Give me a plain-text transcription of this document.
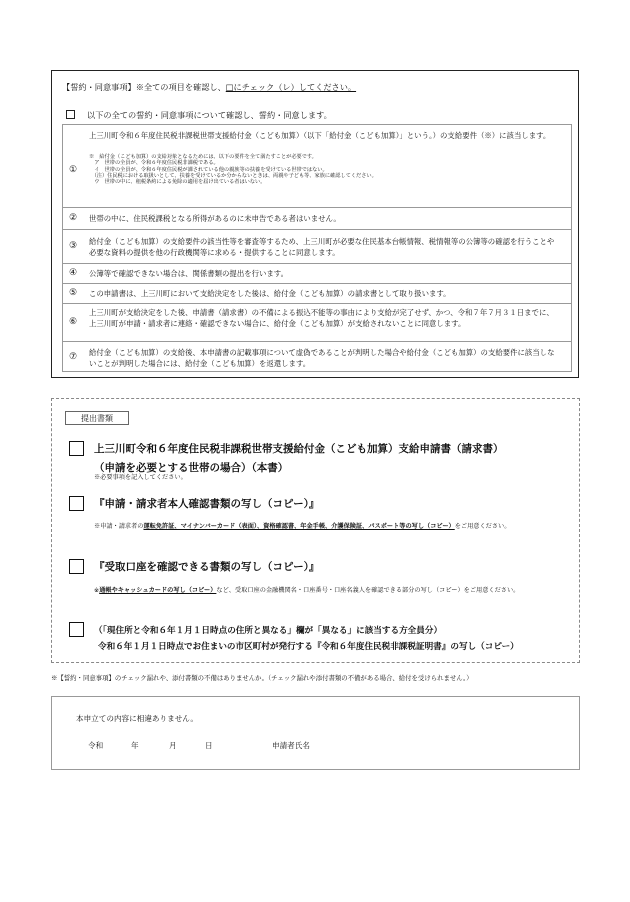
【誓約・同意事項】※全ての項目を確認し、□にチェック（レ）してください。
以下の全ての誓約・同意事項について確認し、誓約・同意します。
①
上三川町令和６年度住民税非課税世帯支援給付金（こども加算）（以下「給付金（こども加算）」という。）の支給要件（※）に該当します。
※　給付金（こども加算）の支給対象となるためには、以下の要件を全て満たすことが必要です。
　ア　世帯の全員が、令和６年度住民税非課税である。
　イ　世帯の全員が、令和６年度住民税が課されている他の親族等の扶養を受けている世帯ではない。
　（注）住民税における取扱いとして、扶養を受けているか分からないときは、両親や子ども等、家族に確認してください。
　ウ　世帯の中に、租税条約による免除の適用を届け出ている者はいない。
② 世帯の中に、住民税課税となる所得があるのに未申告である者はいません。
③ 給付金（こども加算）の支給要件の該当性等を審査等するため、上三川町が必要な住民基本台帳情報、税情報等の公簿等の確認を行うことや必要な資料の提供を他の行政機関等に求める・提供することに同意します。
④ 公簿等で確認できない場合は、関係書類の提出を行います。
⑤ この申請書は、上三川町において支給決定をした後は、給付金（こども加算）の請求書として取り扱います。
⑥
上三川町が支給決定をした後、申請書（請求書）の不備による振込不能等の事由により支給が完了せず、かつ、令和７年７月３１日までに、上三川町が申請・請求者に連絡・確認できない場合に、給付金（こども加算）が支給されないことに同意します。
⑦ 給付金（こども加算）の支給後、本申請書の記載事項について虚偽であることが判明した場合や給付金（こども加算）の支給要件に該当しないことが判明した場合には、給付金（こども加算）を返還します。
提出書類
上三川町令和６年度住民税非課税世帯支援給付金（こども加算）支給申請書（請求書）
（申請を必要とする世帯の場合）（本書）
※必要事項を記入してください。
『申請・請求者本人確認書類の写し（コピー）』
※申請・請求者の運転免許証、マイナンバーカード（表面）、資格確認書、年金手帳、介護保険証、パスポート等の写し（コピー）をご用意ください。
『受取口座を確認できる書類の写し（コピー）』
※通帳やキャッシュカードの写し（コピー）など、受取口座の金融機関名・口座番号・口座名義人を確認できる部分の写し（コピー）をご用意ください。
（「現住所と令和６年１月１日時点の住所と異なる」欄が「異なる」に該当する方全員分）
令和６年１月１日時点でお住まいの市区町村が発行する『令和６年度住民税非課税証明書』の写し（コピー）
※【誓約・同意事項】のチェック漏れや、添付書類の不備はありませんか。（チェック漏れや添付書類の不備がある場合、給付を受けられません。）
本申立ての内容に相違ありません。
令和	年	月	日	申請者氏名
